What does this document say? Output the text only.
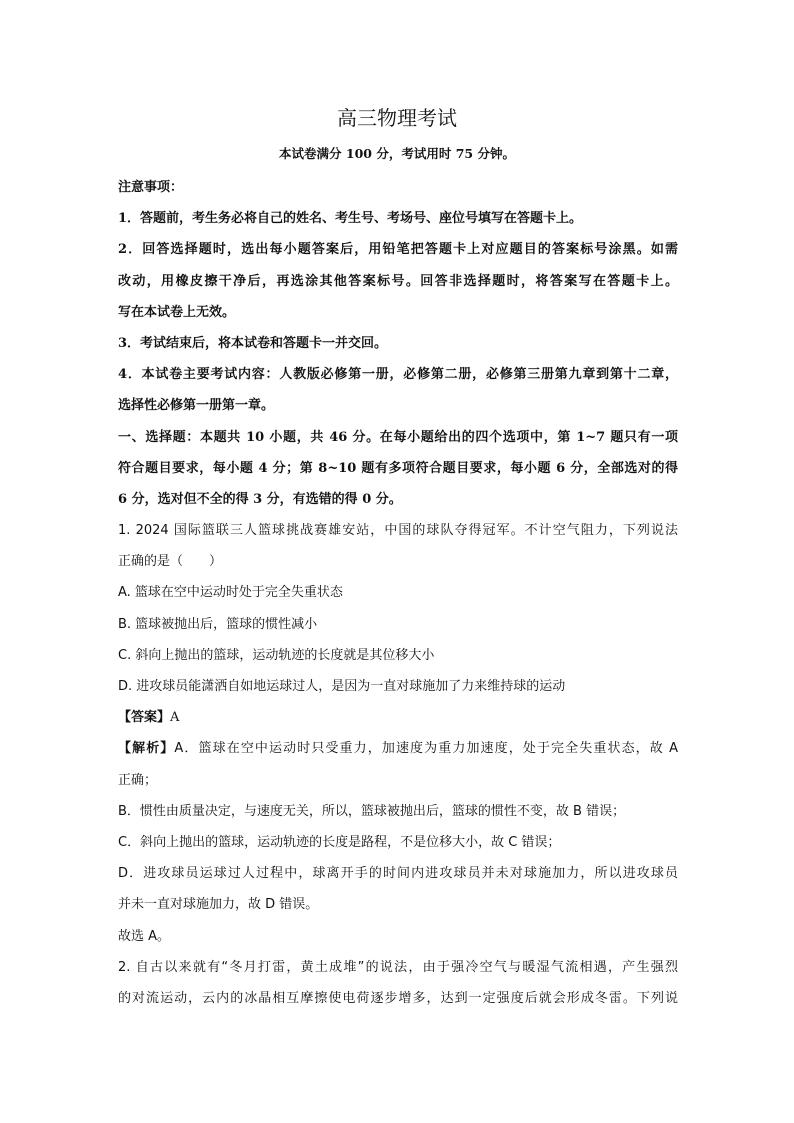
高三物理考试
本试卷满分 100 分，考试用时 75 分钟。
注意事项：
1．答题前，考生务必将自己的姓名、考生号、考场号、座位号填写在答题卡上。
2．回答选择题时，选出每小题答案后，用铅笔把答题卡上对应题目的答案标号涂黑。如需
改动，用橡皮擦干净后，再选涂其他答案标号。回答非选择题时，将答案写在答题卡上。
写在本试卷上无效。
3．考试结束后，将本试卷和答题卡一并交回。
4．本试卷主要考试内容：人教版必修第一册，必修第二册，必修第三册第九章到第十二章，
选择性必修第一册第一章。
一、选择题：本题共 10 小题，共 46 分。在每小题给出的四个选项中，第 1~7 题只有一项
符合题目要求，每小题 4 分；第 8~10 题有多项符合题目要求，每小题 6 分，全部选对的得
6 分，选对但不全的得 3 分，有选错的得 0 分。
1. 2024 国际篮联三人篮球挑战赛雄安站，中国的球队夺得冠军。不计空气阻力，下列说法
正确的是（　　）
A. 篮球在空中运动时处于完全失重状态
B. 篮球被抛出后，篮球的惯性减小
C. 斜向上抛出的篮球，运动轨迹的长度就是其位移大小
D. 进攻球员能潇洒自如地运球过人，是因为一直对球施加了力来维持球的运动
【答案】A
【解析】A．篮球在空中运动时只受重力，加速度为重力加速度，处于完全失重状态，故 A
正确；
B．惯性由质量决定，与速度无关，所以，篮球被抛出后，篮球的惯性不变，故 B 错误；
C．斜向上抛出的篮球，运动轨迹的长度是路程，不是位移大小，故 C 错误；
D．进攻球员运球过人过程中，球离开手的时间内进攻球员并未对球施加力，所以进攻球员
并未一直对球施加力，故 D 错误。
故选 A。
2. 自古以来就有“冬月打雷，黄土成堆”的说法，由于强冷空气与暖湿气流相遇，产生强烈
的对流运动，云内的冰晶相互摩擦使电荷逐步增多，达到一定强度后就会形成冬雷。下列说
